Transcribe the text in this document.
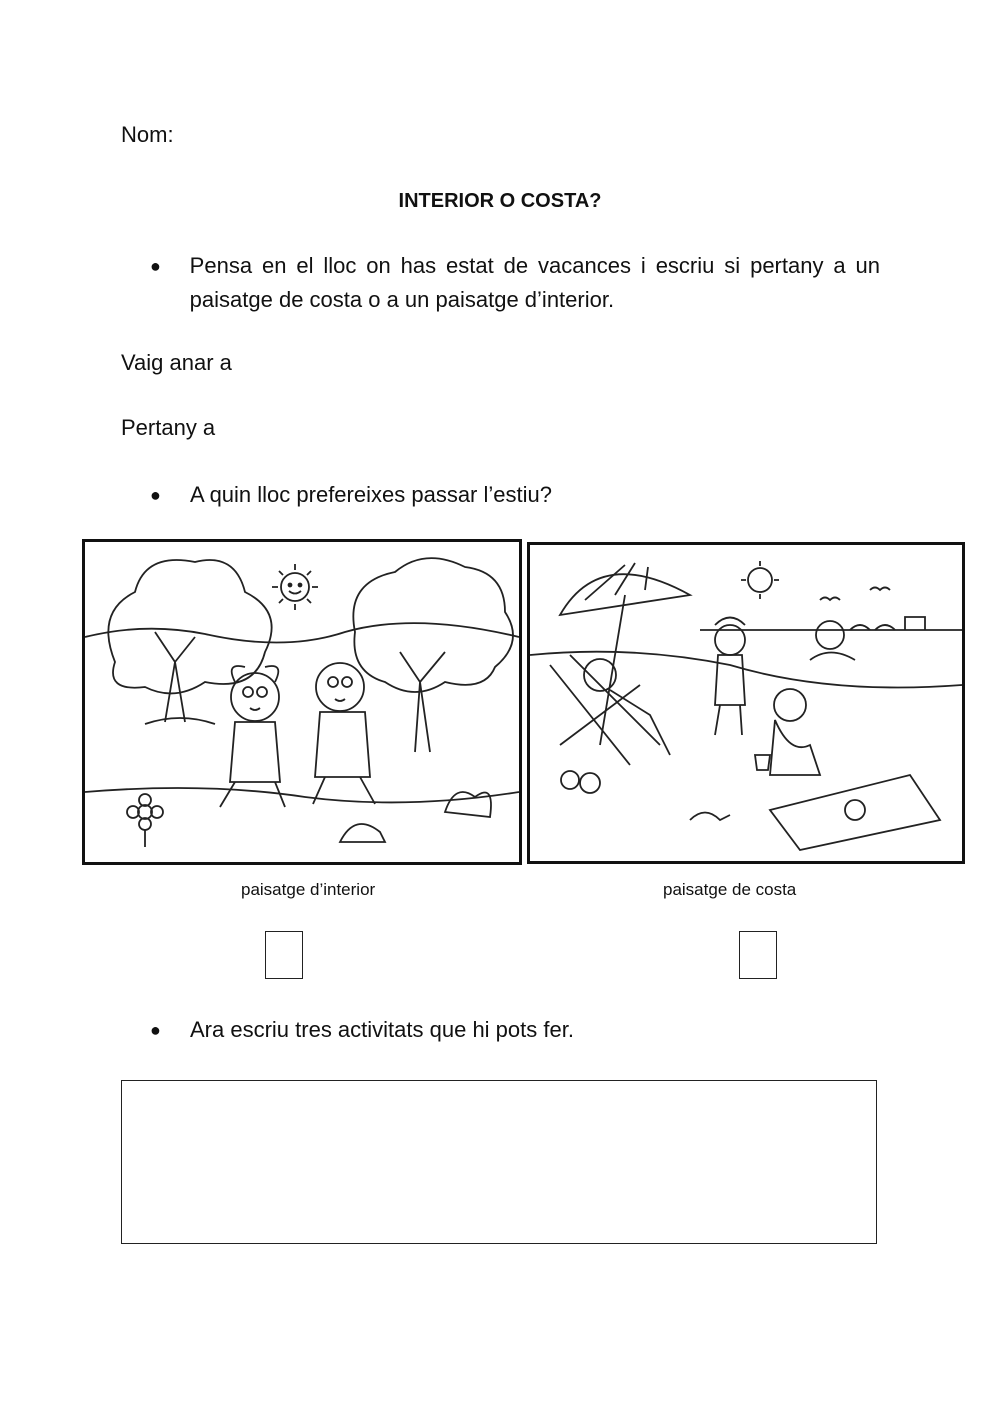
Nom:
INTERIOR O COSTA?
●	Pensa en el lloc on has estat de vacances i escriu si pertany a un paisatge de costa o a un paisatge d’interior.
Vaig anar a
Pertany a
●	A quin lloc prefereixes passar l’estiu?
paisatge d’interior	paisatge de costa
●	Ara escriu tres activitats que hi pots fer.
